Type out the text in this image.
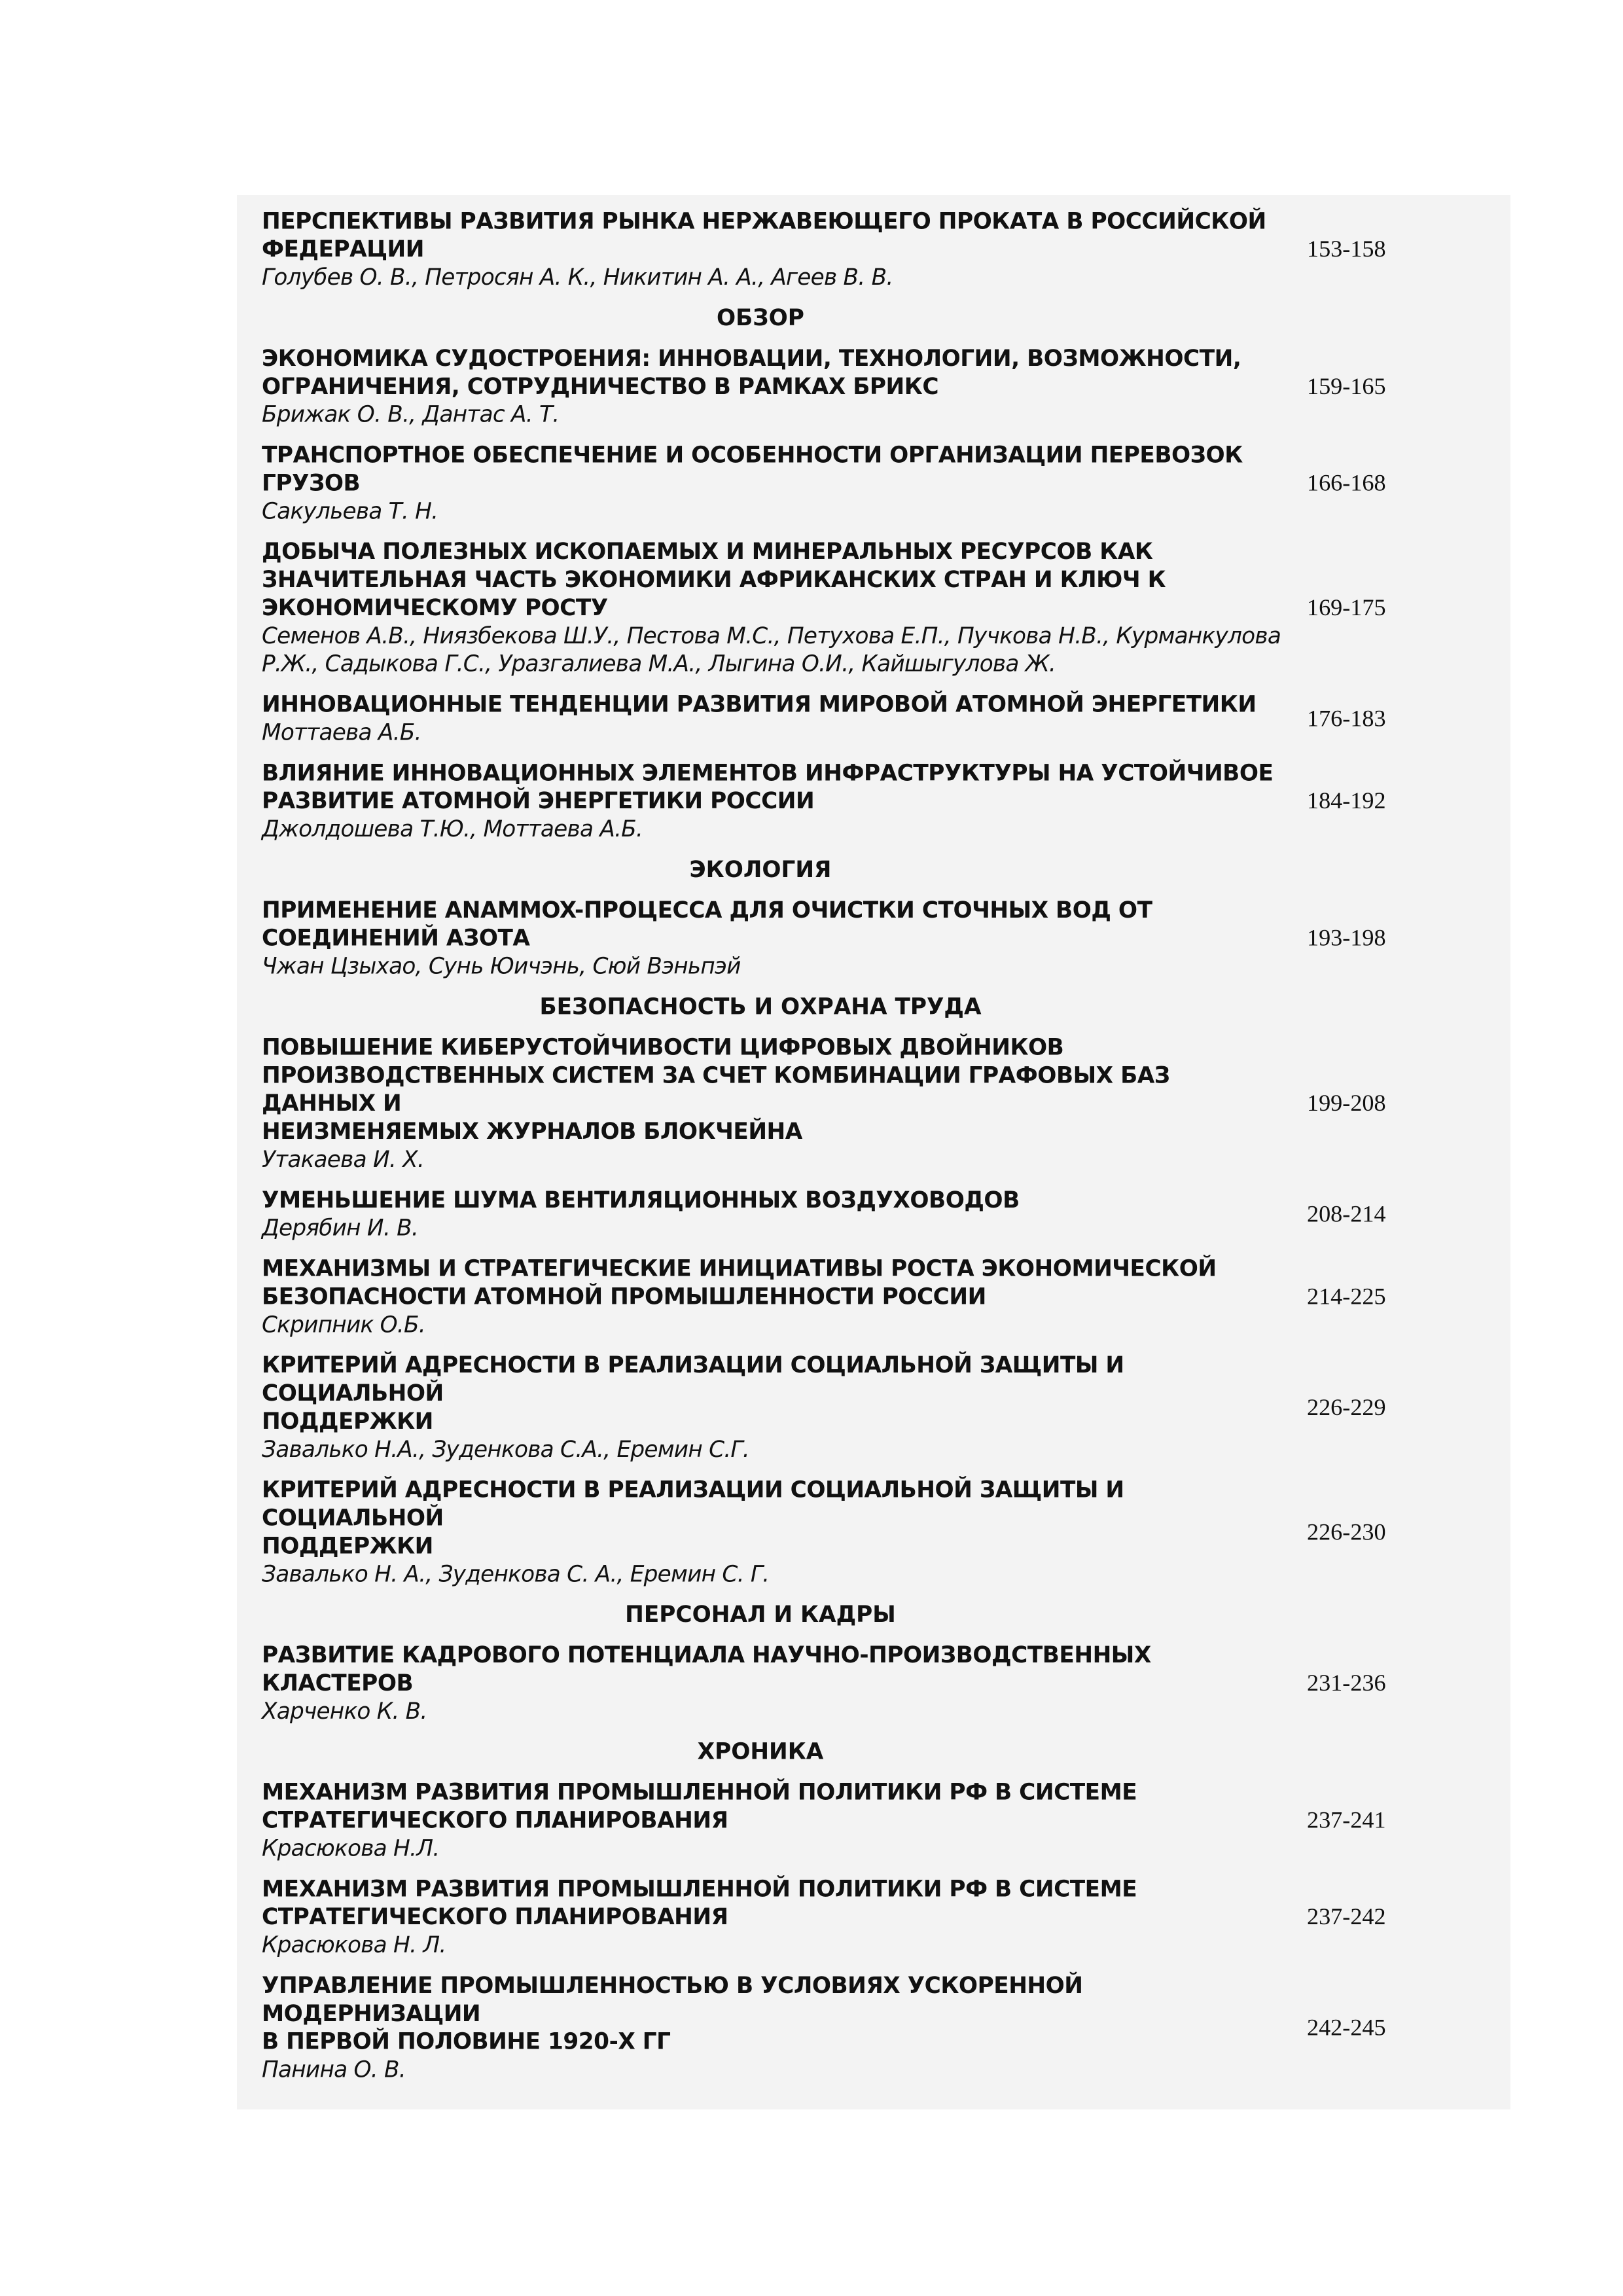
ПЕРСПЕКТИВЫ РАЗВИТИЯ РЫНКА НЕРЖАВЕЮЩЕГО ПРОКАТА В РОССИЙСКОЙ
ФЕДЕРАЦИИ
Голубев О. В., Петросян А. К., Никитин А. А., Агеев В. В.
153-158
ОБЗОР
ЭКОНОМИКА СУДОСТРОЕНИЯ: ИННОВАЦИИ, ТЕХНОЛОГИИ, ВОЗМОЖНОСТИ,
ОГРАНИЧЕНИЯ, СОТРУДНИЧЕСТВО В РАМКАХ БРИКС
Брижак О. В., Дантас А. Т.
159-165
ТРАНСПОРТНОЕ ОБЕСПЕЧЕНИЕ И ОСОБЕННОСТИ ОРГАНИЗАЦИИ ПЕРЕВОЗОК
ГРУЗОВ
Сакульева Т. Н.
166-168
ДОБЫЧА ПОЛЕЗНЫХ ИСКОПАЕМЫХ И МИНЕРАЛЬНЫХ РЕСУРСОВ КАК
ЗНАЧИТЕЛЬНАЯ ЧАСТЬ ЭКОНОМИКИ АФРИКАНСКИХ СТРАН И КЛЮЧ К
ЭКОНОМИЧЕСКОМУ РОСТУ
Семенов А.В., Ниязбекова Ш.У., Пестова М.С., Петухова Е.П., Пучкова Н.В., Курманкулова
Р.Ж., Садыкова Г.С., Уразгалиева М.А., Лыгина О.И., Кайшыгулова Ж.
169-175
ИННОВАЦИОННЫЕ ТЕНДЕНЦИИ РАЗВИТИЯ МИРОВОЙ АТОМНОЙ ЭНЕРГЕТИКИ
Моттаева А.Б.
176-183
ВЛИЯНИЕ ИННОВАЦИОННЫХ ЭЛЕМЕНТОВ ИНФРАСТРУКТУРЫ НА УСТОЙЧИВОЕ
РАЗВИТИЕ АТОМНОЙ ЭНЕРГЕТИКИ РОССИИ
Джолдошева Т.Ю., Моттаева А.Б.
184-192
ЭКОЛОГИЯ
ПРИМЕНЕНИЕ ANAMMOX-ПРОЦЕССА ДЛЯ ОЧИСТКИ СТОЧНЫХ ВОД ОТ
СОЕДИНЕНИЙ АЗОТА
Чжан Цзыхао, Сунь Юичэнь, Сюй Вэньпэй
193-198
БЕЗОПАСНОСТЬ И ОХРАНА ТРУДА
ПОВЫШЕНИЕ КИБЕРУСТОЙЧИВОСТИ ЦИФРОВЫХ ДВОЙНИКОВ
ПРОИЗВОДСТВЕННЫХ СИСТЕМ ЗА СЧЕТ КОМБИНАЦИИ ГРАФОВЫХ БАЗ ДАННЫХ И
НЕИЗМЕНЯЕМЫХ ЖУРНАЛОВ БЛОКЧЕЙНА
Утакаева И. Х.
199-208
УМЕНЬШЕНИЕ ШУМА ВЕНТИЛЯЦИОННЫХ ВОЗДУХОВОДОВ
Дерябин И. В.
208-214
МЕХАНИЗМЫ И СТРАТЕГИЧЕСКИЕ ИНИЦИАТИВЫ РОСТА ЭКОНОМИЧЕСКОЙ
БЕЗОПАСНОСТИ АТОМНОЙ ПРОМЫШЛЕННОСТИ РОССИИ
Скрипник О.Б.
214-225
КРИТЕРИЙ АДРЕСНОСТИ В РЕАЛИЗАЦИИ СОЦИАЛЬНОЙ ЗАЩИТЫ И СОЦИАЛЬНОЙ
ПОДДЕРЖКИ
Завалько Н.А., Зуденкова С.А., Еремин С.Г.
226-229
КРИТЕРИЙ АДРЕСНОСТИ В РЕАЛИЗАЦИИ СОЦИАЛЬНОЙ ЗАЩИТЫ И СОЦИАЛЬНОЙ
ПОДДЕРЖКИ
Завалько Н. А., Зуденкова С. А., Еремин С. Г.
226-230
ПЕРСОНАЛ И КАДРЫ
РАЗВИТИЕ КАДРОВОГО ПОТЕНЦИАЛА НАУЧНО-ПРОИЗВОДСТВЕННЫХ КЛАСТЕРОВ
Харченко К. В.
231-236
ХРОНИКА
МЕХАНИЗМ РАЗВИТИЯ ПРОМЫШЛЕННОЙ ПОЛИТИКИ РФ В СИСТЕМЕ
СТРАТЕГИЧЕСКОГО ПЛАНИРОВАНИЯ
Красюкова Н.Л.
237-241
МЕХАНИЗМ РАЗВИТИЯ ПРОМЫШЛЕННОЙ ПОЛИТИКИ РФ В СИСТЕМЕ
СТРАТЕГИЧЕСКОГО ПЛАНИРОВАНИЯ
Красюкова Н. Л.
237-242
УПРАВЛЕНИЕ ПРОМЫШЛЕННОСТЬЮ В УСЛОВИЯХ УСКОРЕННОЙ МОДЕРНИЗАЦИИ
В ПЕРВОЙ ПОЛОВИНЕ 1920-Х ГГ
Панина О. В.
242-245
